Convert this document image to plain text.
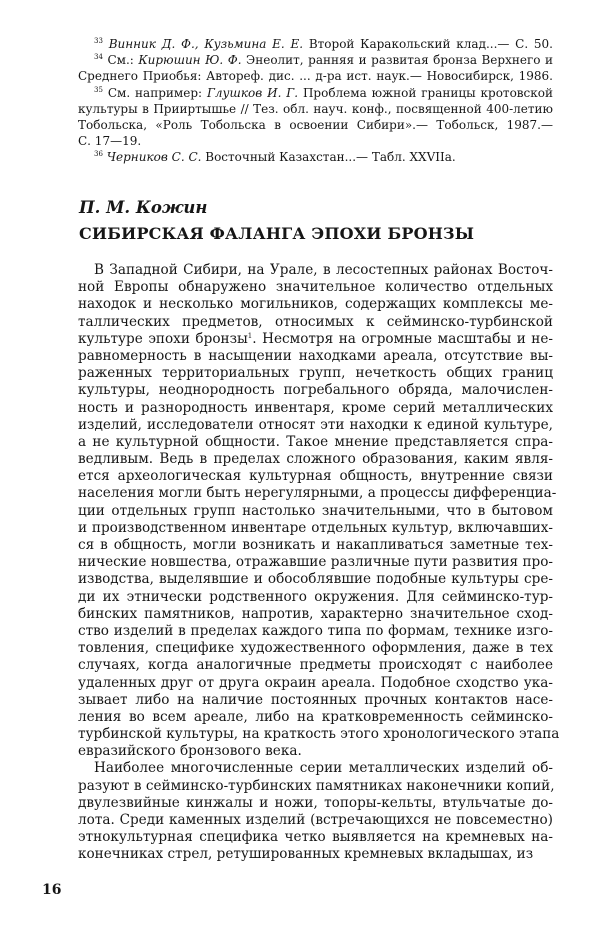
$^{33}$ Винник Д. Ф., Кузьмина Е. Е. Второй Каракольский клад...— С. 50.
$^{34}$ См.: Кирюшин Ю. Ф. Энеолит, ранняя и развитая бронза Верхнего и
Среднего Приобья: Автореф. дис. ... д-ра ист. наук.— Новосибирск, 1986.
$^{35}$ См. например: Глушков И. Г. Проблема южной границы кротовской
культуры в Прииртышье // Тез. обл. науч. конф., посвященной 400-летию
Тобольска, «Роль Тобольска в освоении Сибири».— Тобольск, 1987.—
С. 17—19.
$^{36}$ Черников С. С. Восточный Казахстан...— Табл. XXVIIа.
П. М. Кожин
СИБИРСКАЯ ФАЛАНГА ЭПОХИ БРОНЗЫ
В Западной Сибири, на Урале, в лесостепных районах Восточ-
ной Европы обнаружено значительное количество отдельных
находок и несколько могильников, содержащих комплексы ме-
таллических предметов, относимых к сейминско-турбинской
культуре эпохи бронзы$^1$. Несмотря на огромные масштабы и не-
равномерность в насыщении находками ареала, отсутствие вы-
раженных территориальных групп, нечеткость общих границ
культуры, неоднородность погребального обряда, малочислен-
ность и разнородность инвентаря, кроме серий металлических
изделий, исследователи относят эти находки к единой культуре,
а не культурной общности. Такое мнение представляется спра-
ведливым. Ведь в пределах сложного образования, каким явля-
ется археологическая культурная общность, внутренние связи
населения могли быть нерегулярными, а процессы дифференциа-
ции отдельных групп настолько значительными, что в бытовом
и производственном инвентаре отдельных культур, включавших-
ся в общность, могли возникать и накапливаться заметные тех-
нические новшества, отражавшие различные пути развития про-
изводства, выделявшие и обособлявшие подобные культуры сре-
ди их этнически родственного окружения. Для сейминско-тур-
бинских памятников, напротив, характерно значительное сход-
ство изделий в пределах каждого типа по формам, технике изго-
товления, специфике художественного оформления, даже в тех
случаях, когда аналогичные предметы происходят с наиболее
удаленных друг от друга окраин ареала. Подобное сходство ука-
зывает либо на наличие постоянных прочных контактов насе-
ления во всем ареале, либо на кратковременность сейминско-
турбинской культуры, на краткость этого хронологического этапа
евразийского бронзового века.
Наиболее многочисленные серии металлических изделий об-
разуют в сейминско-турбинских памятниках наконечники копий,
двулезвийные кинжалы и ножи, топоры-кельты, втульчатые до-
лота. Среди каменных изделий (встречающихся не повсеместно)
этнокультурная специфика четко выявляется на кремневых на-
конечниках стрел, ретушированных кремневых вкладышах, из
16
